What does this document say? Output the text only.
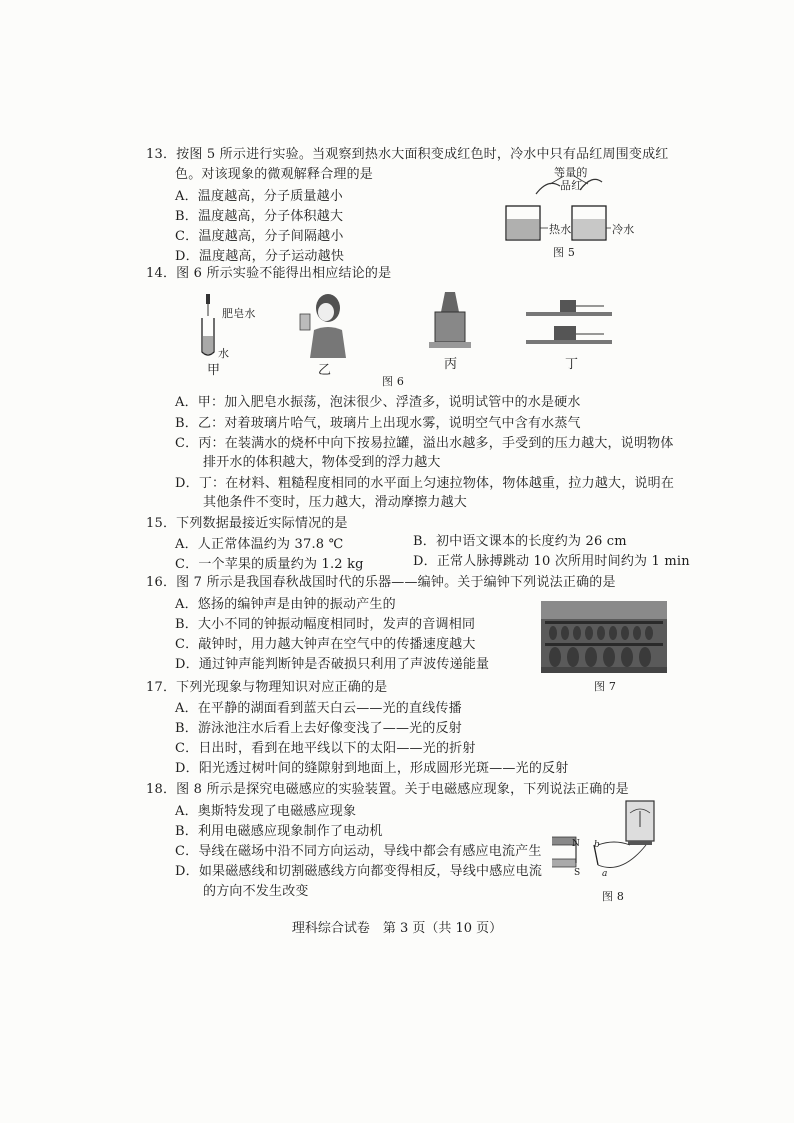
13．按图 5 所示进行实验。当观察到热水大面积变成红色时，冷水中只有品红周围变成红
色。对该现象的微观解释合理的是
A．温度越高，分子质量越小
B．温度越高，分子体积越大
C．温度越高，分子间隔越小
D．温度越高，分子运动越快
等量的
品红
热水	冷水
图 5
14．图 6 所示实验不能得出相应结论的是
肥皂水
水
甲	乙	丙	丁
图 6
A．甲：加入肥皂水振荡，泡沫很少、浮渣多，说明试管中的水是硬水
B．乙：对着玻璃片哈气，玻璃片上出现水雾，说明空气中含有水蒸气
C．丙：在装满水的烧杯中向下按易拉罐，溢出水越多，手受到的压力越大，说明物体
排开水的体积越大，物体受到的浮力越大
D．丁：在材料、粗糙程度相同的水平面上匀速拉物体，物体越重，拉力越大，说明在
其他条件不变时，压力越大，滑动摩擦力越大
15．下列数据最接近实际情况的是
A．人正常体温约为 37.8 ℃	B．初中语文课本的长度约为 26 cm
C．一个苹果的质量约为 1.2 kg	D．正常人脉搏跳动 10 次所用时间约为 1 min
16．图 7 所示是我国春秋战国时代的乐器——编钟。关于编钟下列说法正确的是
A．悠扬的编钟声是由钟的振动产生的
B．大小不同的钟振动幅度相同时，发声的音调相同
C．敲钟时，用力越大钟声在空气中的传播速度越大
D．通过钟声能判断钟是否破损只利用了声波传递能量
图 7
17．下列光现象与物理知识对应正确的是
A．在平静的湖面看到蓝天白云——光的直线传播
B．游泳池注水后看上去好像变浅了——光的反射
C．日出时，看到在地平线以下的太阳——光的折射
D．阳光透过树叶间的缝隙射到地面上，形成圆形光斑——光的反射
18．图 8 所示是探究电磁感应的实验装置。关于电磁感应现象，下列说法正确的是
A．奥斯特发现了电磁感应现象
B．利用电磁感应现象制作了电动机
C．导线在磁场中沿不同方向运动，导线中都会有感应电流产生
D．如果磁感线和切割磁感线方向都变得相反，导线中感应电流
的方向不发生改变
N
S a
b
图 8
理科综合试卷　第 3 页（共 10 页）
